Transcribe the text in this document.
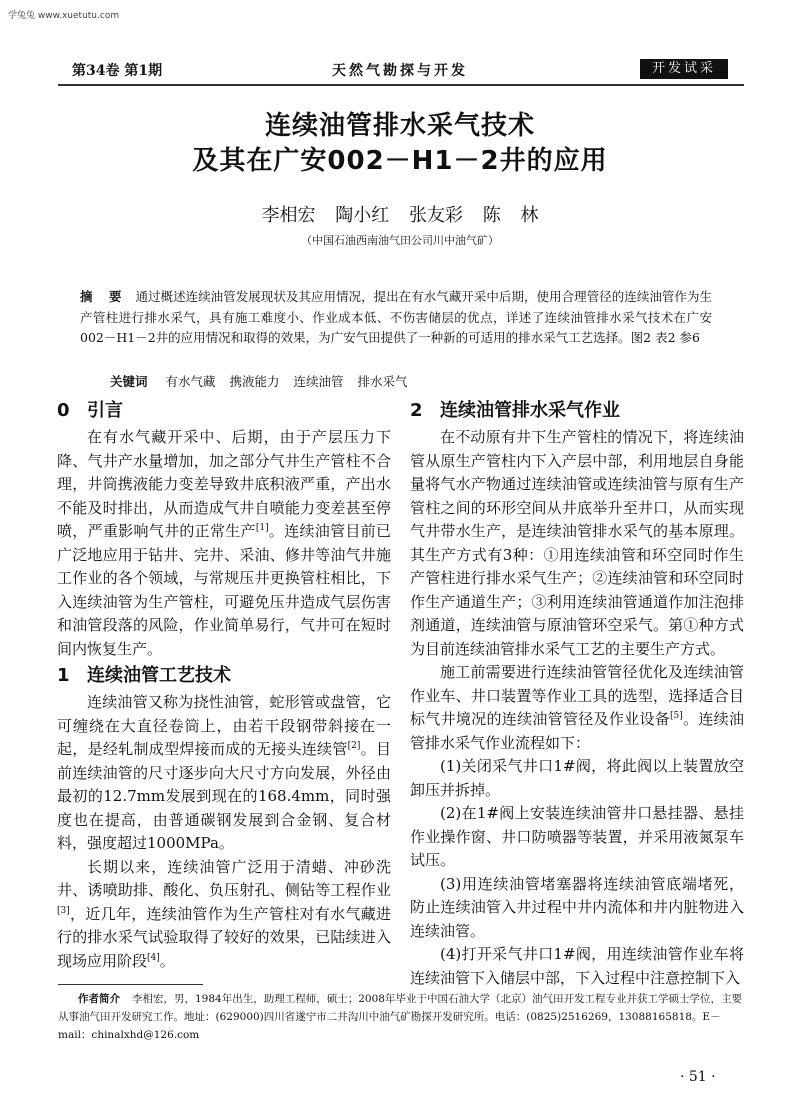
学兔兔 www.xuetutu.com
第34卷 第1期	天然气勘探与开发	开发试采
连续油管排水采气技术
及其在广安002－H1－2井的应用
李相宏 陶小红 张友彩 陈 林
（中国石油西南油气田公司川中油气矿）
摘 要 通过概述连续油管发展现状及其应用情况，提出在有水气藏开采中后期，使用合理管径的连续油管作为生产管柱进行排水采气，具有施工难度小、作业成本低、不伤害储层的优点，详述了连续油管排水采气技术在广安002－H1－2井的应用情况和取得的效果，为广安气田提供了一种新的可适用的排水采气工艺选择。图2 表2 参6
关键词 有水气藏 携液能力 连续油管 排水采气
0 引言

在有水气藏开采中、后期，由于产层压力下降、气井产水量增加，加之部分气井生产管柱不合理，井筒携液能力变差导致井底积液严重，产出水不能及时排出，从而造成气井自喷能力变差甚至停喷，严重影响气井的正常生产[1]。连续油管目前已广泛地应用于钻井、完井、采油、修井等油气井施工作业的各个领域，与常规压井更换管柱相比，下入连续油管为生产管柱，可避免压井造成气层伤害和油管段落的风险，作业简单易行，气井可在短时间内恢复生产。

1 连续油管工艺技术

连续油管又称为挠性油管，蛇形管或盘管，它可缠绕在大直径卷筒上，由若干段钢带斜接在一起，是经轧制成型焊接而成的无接头连续管[2]。目前连续油管的尺寸逐步向大尺寸方向发展，外径由最初的12.7mm发展到现在的168.4mm，同时强度也在提高，由普通碳钢发展到合金钢、复合材料，强度超过1000MPa。

长期以来，连续油管广泛用于清蜡、冲砂洗井、诱喷助排、酸化、负压射孔、侧钻等工程作业[3]，近几年，连续油管作为生产管柱对有水气藏进行的排水采气试验取得了较好的效果，已陆续进入现场应用阶段[4]。

2 连续油管排水采气作业

在不动原有井下生产管柱的情况下，将连续油管从原生产管柱内下入产层中部，利用地层自身能量将气水产物通过连续油管或连续油管与原有生产管柱之间的环形空间从井底举升至井口，从而实现气井带水生产，是连续油管排水采气的基本原理。其生产方式有3种：①用连续油管和环空同时作生产管柱进行排水采气生产；②连续油管和环空同时作生产通道生产；③利用连续油管通道作加注泡排剂通道，连续油管与原油管环空采气。第①种方式为目前连续油管排水采气工艺的主要生产方式。

施工前需要进行连续油管管径优化及连续油管作业车、井口装置等作业工具的选型，选择适合目标气井境况的连续油管管径及作业设备[5]。连续油管排水采气作业流程如下：

(1)关闭采气井口1#阀，将此阀以上装置放空卸压并拆掉。

(2)在1#阀上安装连续油管井口悬挂器、悬挂作业操作窗、井口防喷器等装置，并采用液氮泵车试压。

(3)用连续油管堵塞器将连续油管底端堵死，防止连续油管入井过程中井内流体和井内脏物进入连续油管。

(4)打开采气井口1#阀，用连续油管作业车将连续油管下入储层中部，下入过程中注意控制下入

作者简介 李相宏，男，1984年出生，助理工程师，硕士；2008年毕业于中国石油大学（北京）油气田开发工程专业并获工学硕士学位，主要从事油气田开发研究工作。地址：(629000)四川省遂宁市二井沟川中油气矿勘探开发研究所。电话：(0825)2516269，13088165818。E－mail：chinalxhd@126.com
· 51 ·
